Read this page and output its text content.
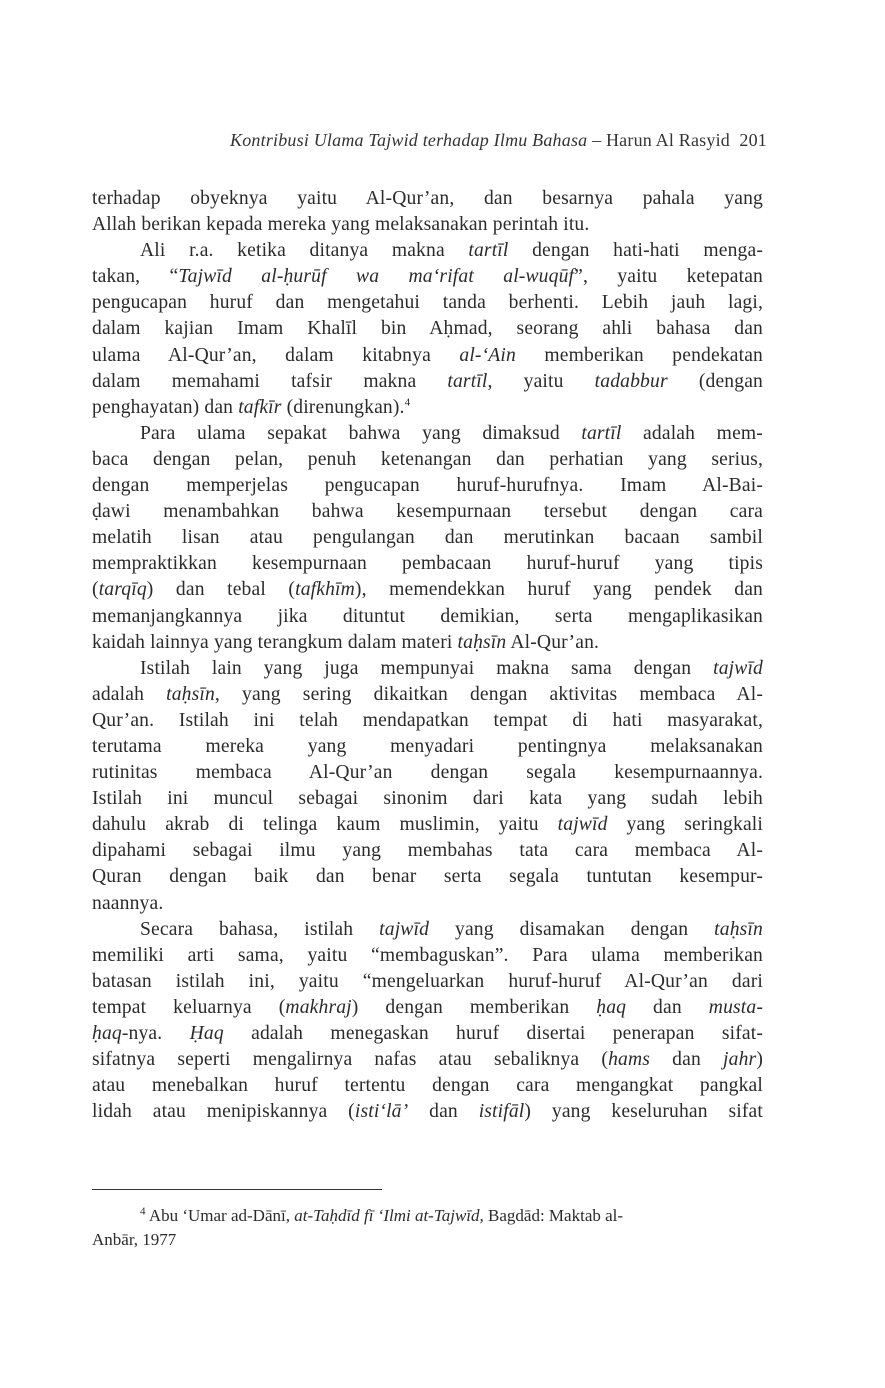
Kontribusi Ulama Tajwid terhadap Ilmu Bahasa – Harun Al Rasyid 201
terhadap obyeknya yaitu Al-Qur’an, dan besarnya pahala yang
Allah berikan kepada mereka yang melaksanakan perintah itu.
Ali r.a. ketika ditanya makna tartīl dengan hati-hati menga-
takan, “Tajwīd al-ḥurūf wa ma‘rifat al-wuqūf”, yaitu ketepatan
pengucapan huruf dan mengetahui tanda berhenti. Lebih jauh lagi,
dalam kajian Imam Khalīl bin Aḥmad, seorang ahli bahasa dan
ulama Al-Qur’an, dalam kitabnya al-‘Ain memberikan pendekatan
dalam memahami tafsir makna tartīl, yaitu tadabbur (dengan
penghayatan) dan tafkīr (direnungkan).$^4$
Para ulama sepakat bahwa yang dimaksud tartīl adalah mem-
baca dengan pelan, penuh ketenangan dan perhatian yang serius,
dengan memperjelas pengucapan huruf-hurufnya. Imam Al-Bai-
ḍawi menambahkan bahwa kesempurnaan tersebut dengan cara
melatih lisan atau pengulangan dan merutinkan bacaan sambil
mempraktikkan kesempurnaan pembacaan huruf-huruf yang tipis
(tarqīq) dan tebal (tafkhīm), memendekkan huruf yang pendek dan
memanjangkannya jika dituntut demikian, serta mengaplikasikan
kaidah lainnya yang terangkum dalam materi taḥsīn Al-Qur’an.
Istilah lain yang juga mempunyai makna sama dengan tajwīd
adalah taḥsīn, yang sering dikaitkan dengan aktivitas membaca Al-
Qur’an. Istilah ini telah mendapatkan tempat di hati masyarakat,
terutama mereka yang menyadari pentingnya melaksanakan
rutinitas membaca Al-Qur’an dengan segala kesempurnaannya.
Istilah ini muncul sebagai sinonim dari kata yang sudah lebih
dahulu akrab di telinga kaum muslimin, yaitu tajwīd yang seringkali
dipahami sebagai ilmu yang membahas tata cara membaca Al-
Quran dengan baik dan benar serta segala tuntutan kesempur-
naannya.
Secara bahasa, istilah tajwīd yang disamakan dengan taḥsīn
memiliki arti sama, yaitu “membaguskan”. Para ulama memberikan
batasan istilah ini, yaitu “mengeluarkan huruf-huruf Al-Qur’an dari
tempat keluarnya (makhraj) dengan memberikan ḥaq dan musta-
ḥaq-nya. Ḥaq adalah menegaskan huruf disertai penerapan sifat-
sifatnya seperti mengalirnya nafas atau sebaliknya (hams dan jahr)
atau menebalkan huruf tertentu dengan cara mengangkat pangkal
lidah atau menipiskannya (isti‘lā’ dan istifāl) yang keseluruhan sifat
$^4$ Abu ‘Umar ad-Dānī, at-Taḥdīd fī ‘Ilmi at-Tajwīd, Bagdād: Maktab al-
Anbār, 1977
